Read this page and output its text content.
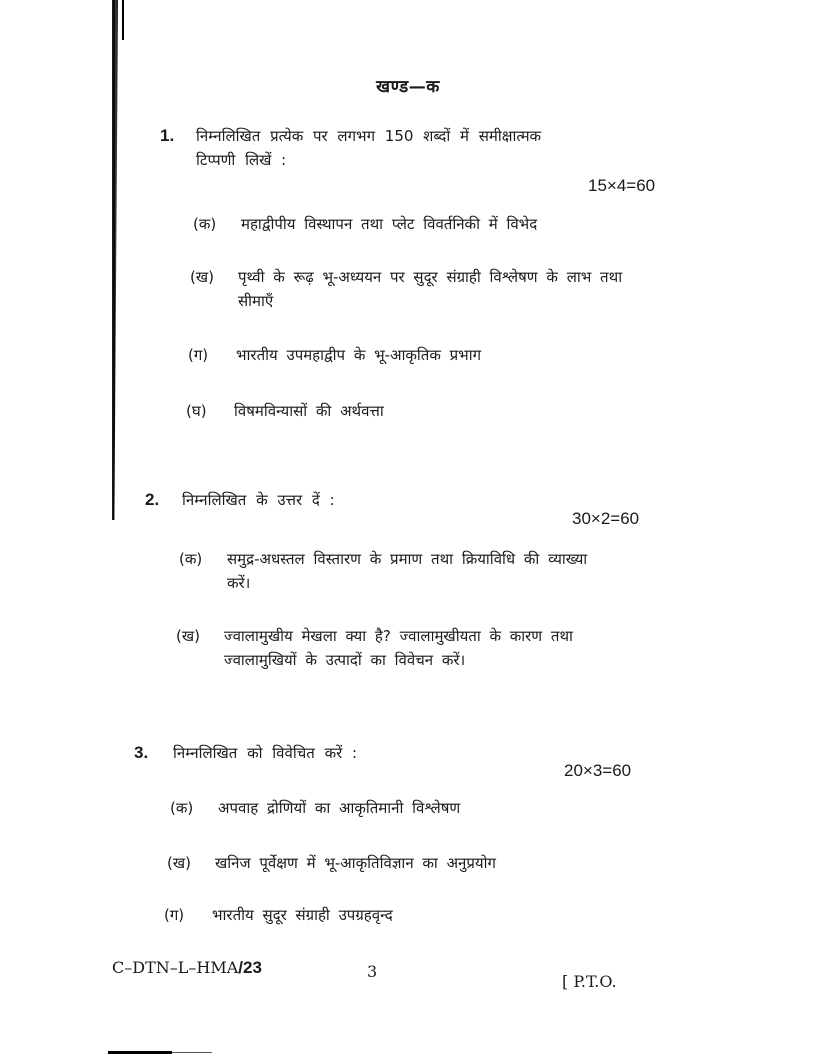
खण्ड—क
1. निम्नलिखित प्रत्येक पर लगभग 150 शब्दों में समीक्षात्मक
टिप्पणी लिखें :
15×4=60
(क)	महाद्वीपीय विस्थापन तथा प्लेट विवर्तनिकी में विभेद
(ख)	पृथ्वी के रूढ़ भू-अध्ययन पर सुदूर संग्राही विश्लेषण के लाभ तथा सीमाएँ
(ग)	भारतीय उपमहाद्वीप के भू-आकृतिक प्रभाग
(घ)	विषमविन्यासों की अर्थवत्ता
2. निम्नलिखित के उत्तर दें :
30×2=60
(क)	समुद्र-अधस्तल विस्तारण के प्रमाण तथा क्रियाविधि की व्याख्या करें।
(ख)	ज्वालामुखीय मेखला क्या है? ज्वालामुखीयता के कारण तथा ज्वालामुखियों के उत्पादों का विवेचन करें।
3. निम्नलिखित को विवेचित करें :
20×3=60
(क)	अपवाह द्रोणियों का आकृतिमानी विश्लेषण
(ख)	खनिज पूर्वेक्षण में भू-आकृतिविज्ञान का अनुप्रयोग
(ग)	भारतीय सुदूर संग्राही उपग्रहवृन्द
C–DTN–L–HMA/23	3
[ P.T.O.
